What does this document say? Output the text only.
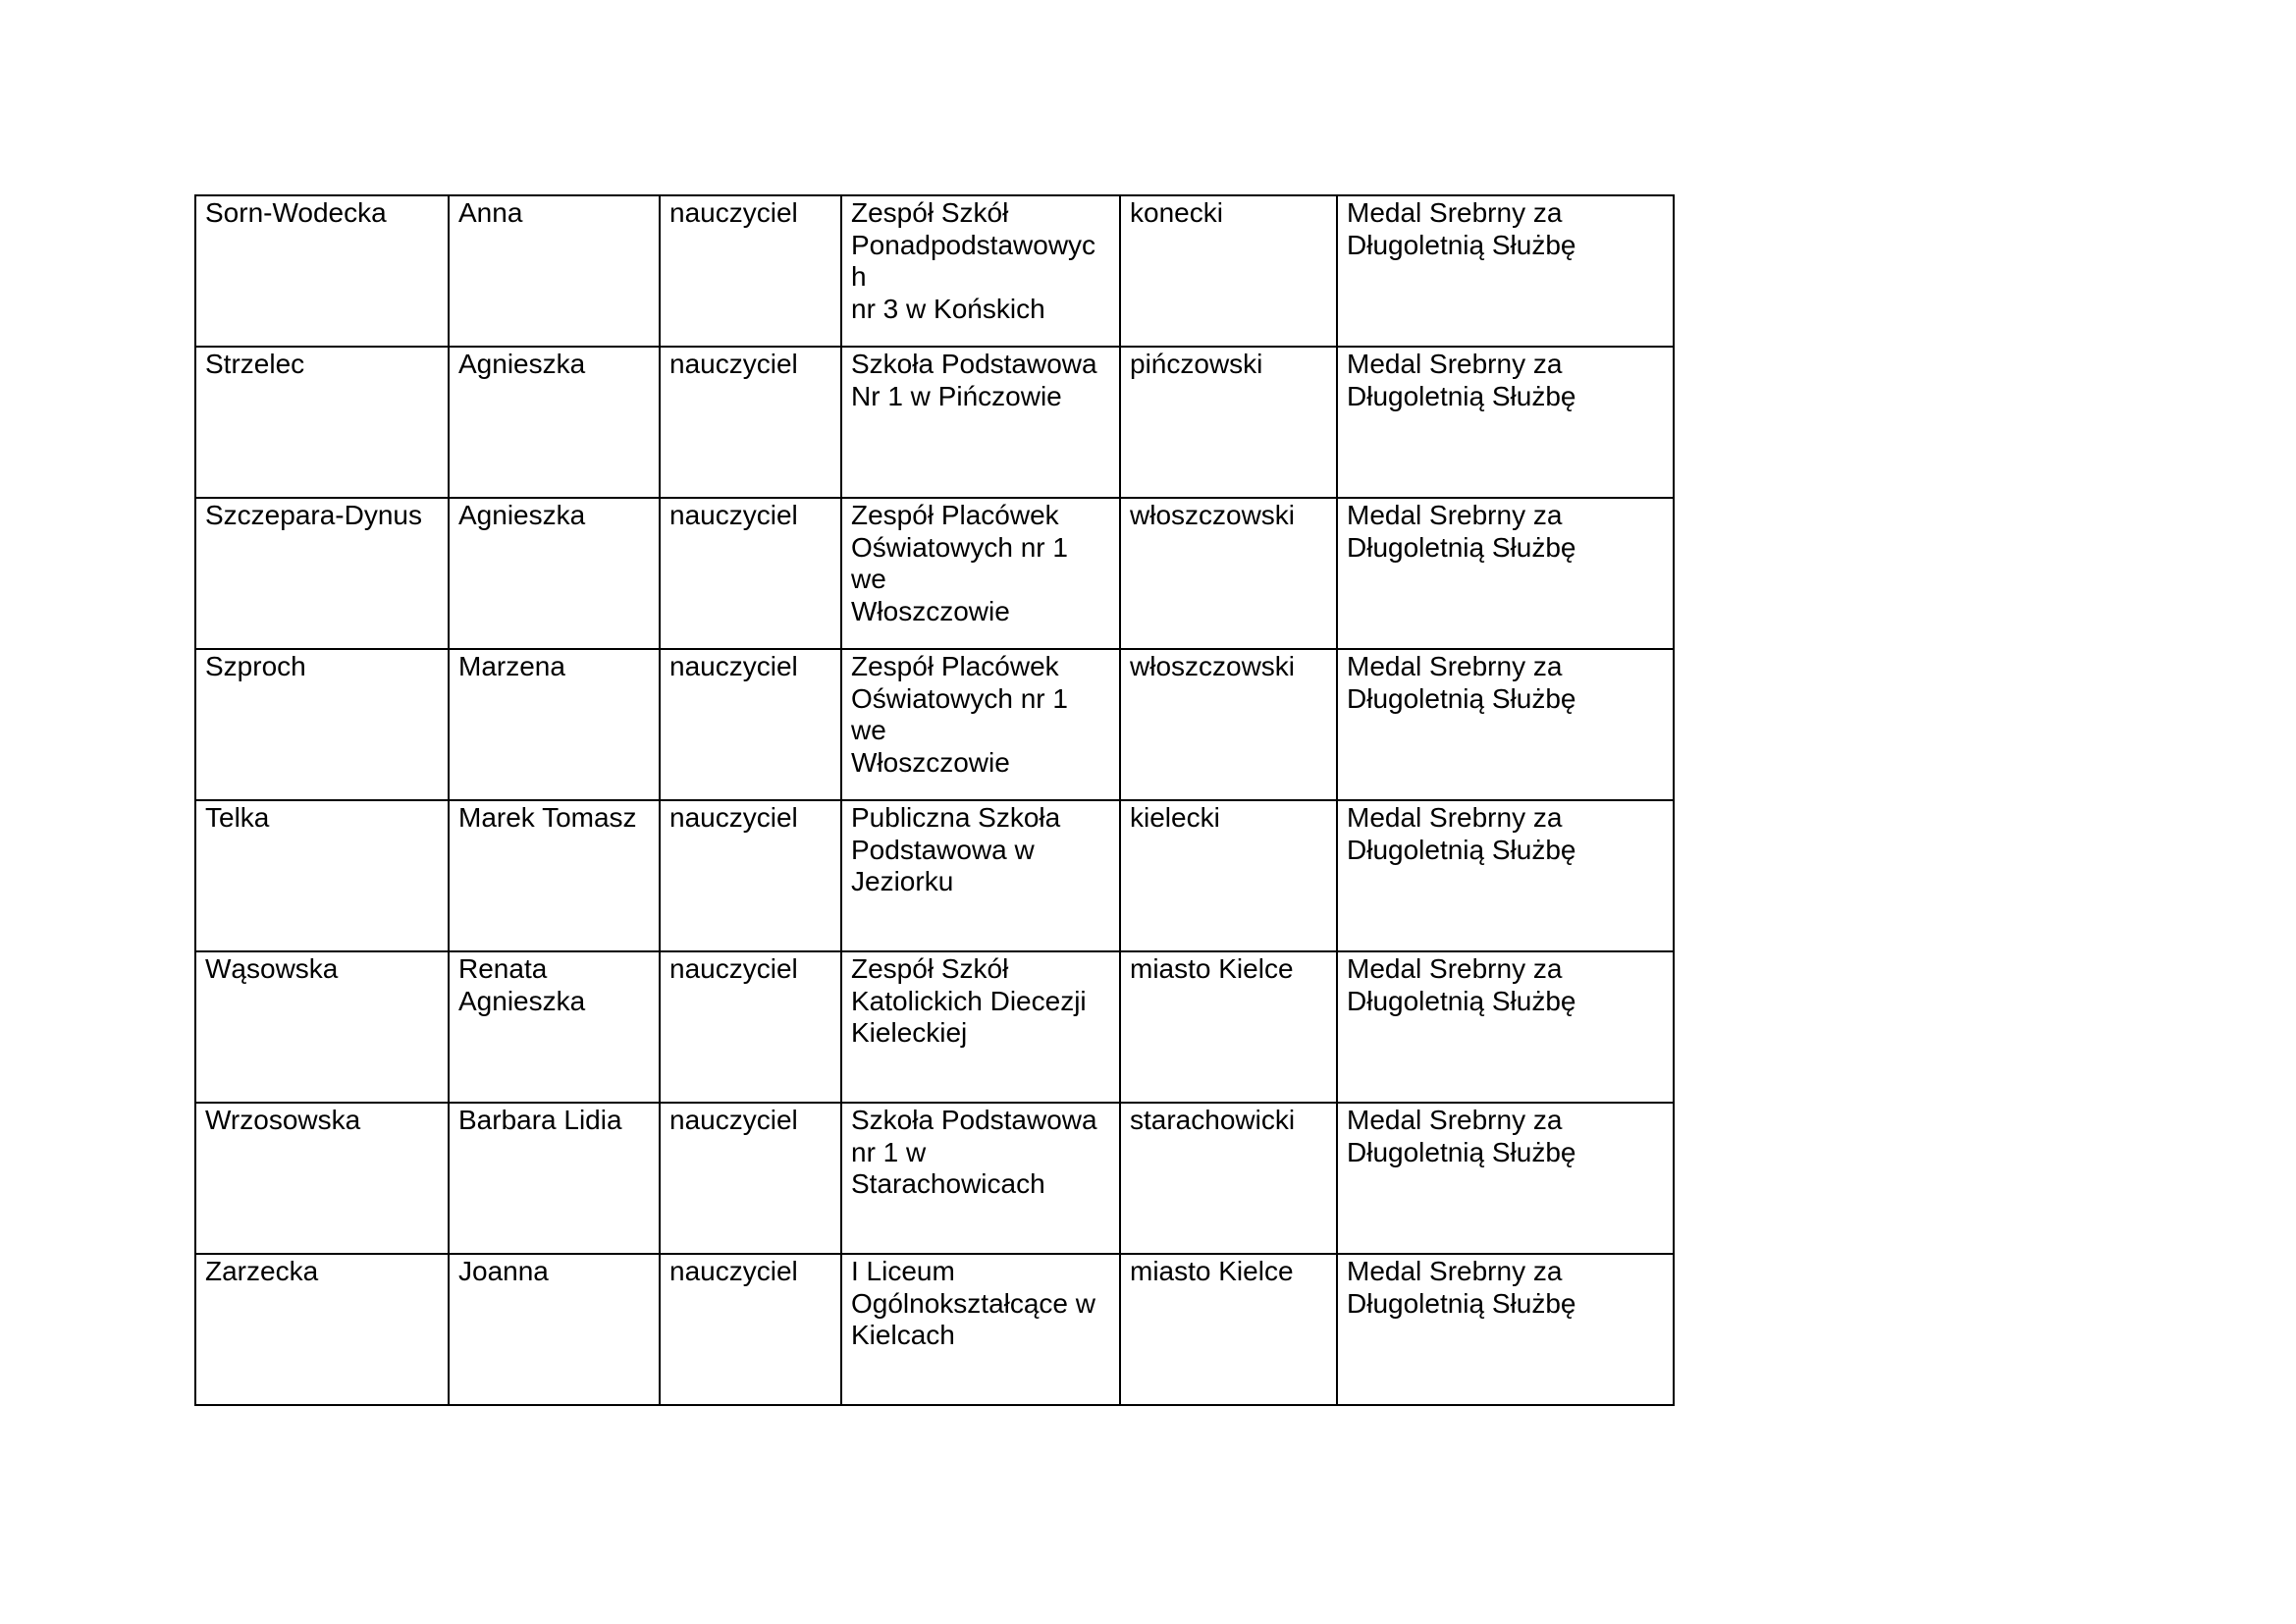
Sorn-Wodecka	Anna	nauczyciel	Zespół Szkół
Ponadpodstawowych
nr 3 w Końskich	konecki	Medal Srebrny za
Długoletnią Służbę

Strzelec	Agnieszka	nauczyciel	Szkoła Podstawowa
Nr 1 w Pińczowie	pińczowski	Medal Srebrny za
Długoletnią Służbę

Szczepara-Dynus	Agnieszka	nauczyciel	Zespół Placówek
Oświatowych nr 1 we
Włoszczowie	włoszczowski	Medal Srebrny za
Długoletnią Służbę

Szproch	Marzena	nauczyciel	Zespół Placówek
Oświatowych nr 1 we
Włoszczowie	włoszczowski	Medal Srebrny za
Długoletnią Służbę

Telka	Marek Tomasz	nauczyciel	Publiczna Szkoła
Podstawowa w
Jeziorku	kielecki	Medal Srebrny za
Długoletnią Służbę

Wąsowska	Renata
Agnieszka	nauczyciel	Zespół Szkół
Katolickich Diecezji
Kieleckiej	miasto Kielce	Medal Srebrny za
Długoletnią Służbę

Wrzosowska	Barbara Lidia	nauczyciel	Szkoła Podstawowa
nr 1 w
Starachowicach	starachowicki	Medal Srebrny za
Długoletnią Służbę

Zarzecka	Joanna	nauczyciel	I Liceum
Ogólnokształcące w
Kielcach	miasto Kielce	Medal Srebrny za
Długoletnią Służbę
